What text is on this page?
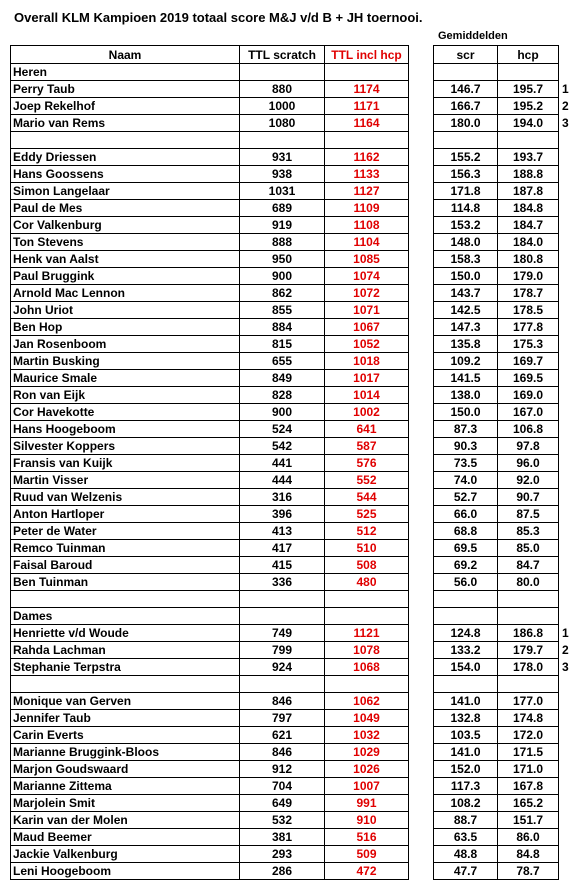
Overall KLM Kampioen 2019 totaal score M&J v/d B + JH toernooi.
Gemiddelden
Naam	TTL scratch	TTL incl hcp		scr	hcp	
Heren						
Perry Taub	880	1174		146.7	195.7	1
Joep Rekelhof	1000	1171		166.7	195.2	2
Mario van Rems	1080	1164		180.0	194.0	3

Eddy Driessen	931	1162		155.2	193.7	
Hans Goossens	938	1133		156.3	188.8	
Simon Langelaar	1031	1127		171.8	187.8	
Paul de Mes	689	1109		114.8	184.8	
Cor Valkenburg	919	1108		153.2	184.7	
Ton Stevens	888	1104		148.0	184.0	
Henk van Aalst	950	1085		158.3	180.8	
Paul Bruggink	900	1074		150.0	179.0	
Arnold Mac Lennon	862	1072		143.7	178.7	
John Uriot	855	1071		142.5	178.5	
Ben Hop	884	1067		147.3	177.8	
Jan Rosenboom	815	1052		135.8	175.3	
Martin Busking	655	1018		109.2	169.7	
Maurice Smale	849	1017		141.5	169.5	
Ron van Eijk	828	1014		138.0	169.0	
Cor Havekotte	900	1002		150.0	167.0	
Hans Hoogeboom	524	641		87.3	106.8	
Silvester Koppers	542	587		90.3	97.8	
Fransis van Kuijk	441	576		73.5	96.0	
Martin Visser	444	552		74.0	92.0	
Ruud van Welzenis	316	544		52.7	90.7	
Anton Hartloper	396	525		66.0	87.5	
Peter de Water	413	512		68.8	85.3	
Remco Tuinman	417	510		69.5	85.0	
Faisal Baroud	415	508		69.2	84.7	
Ben Tuinman	336	480		56.0	80.0	

Dames						
Henriette v/d Woude	749	1121		124.8	186.8	1
Rahda Lachman	799	1078		133.2	179.7	2
Stephanie Terpstra	924	1068		154.0	178.0	3

Monique van Gerven	846	1062		141.0	177.0	
Jennifer Taub	797	1049		132.8	174.8	
Carin Everts	621	1032		103.5	172.0	
Marianne Bruggink-Bloos	846	1029		141.0	171.5	
Marjon Goudswaard	912	1026		152.0	171.0	
Marianne Zittema	704	1007		117.3	167.8	
Marjolein Smit	649	991		108.2	165.2	
Karin van der Molen	532	910		88.7	151.7	
Maud Beemer	381	516		63.5	86.0	
Jackie Valkenburg	293	509		48.8	84.8	
Leni Hoogeboom	286	472		47.7	78.7	
